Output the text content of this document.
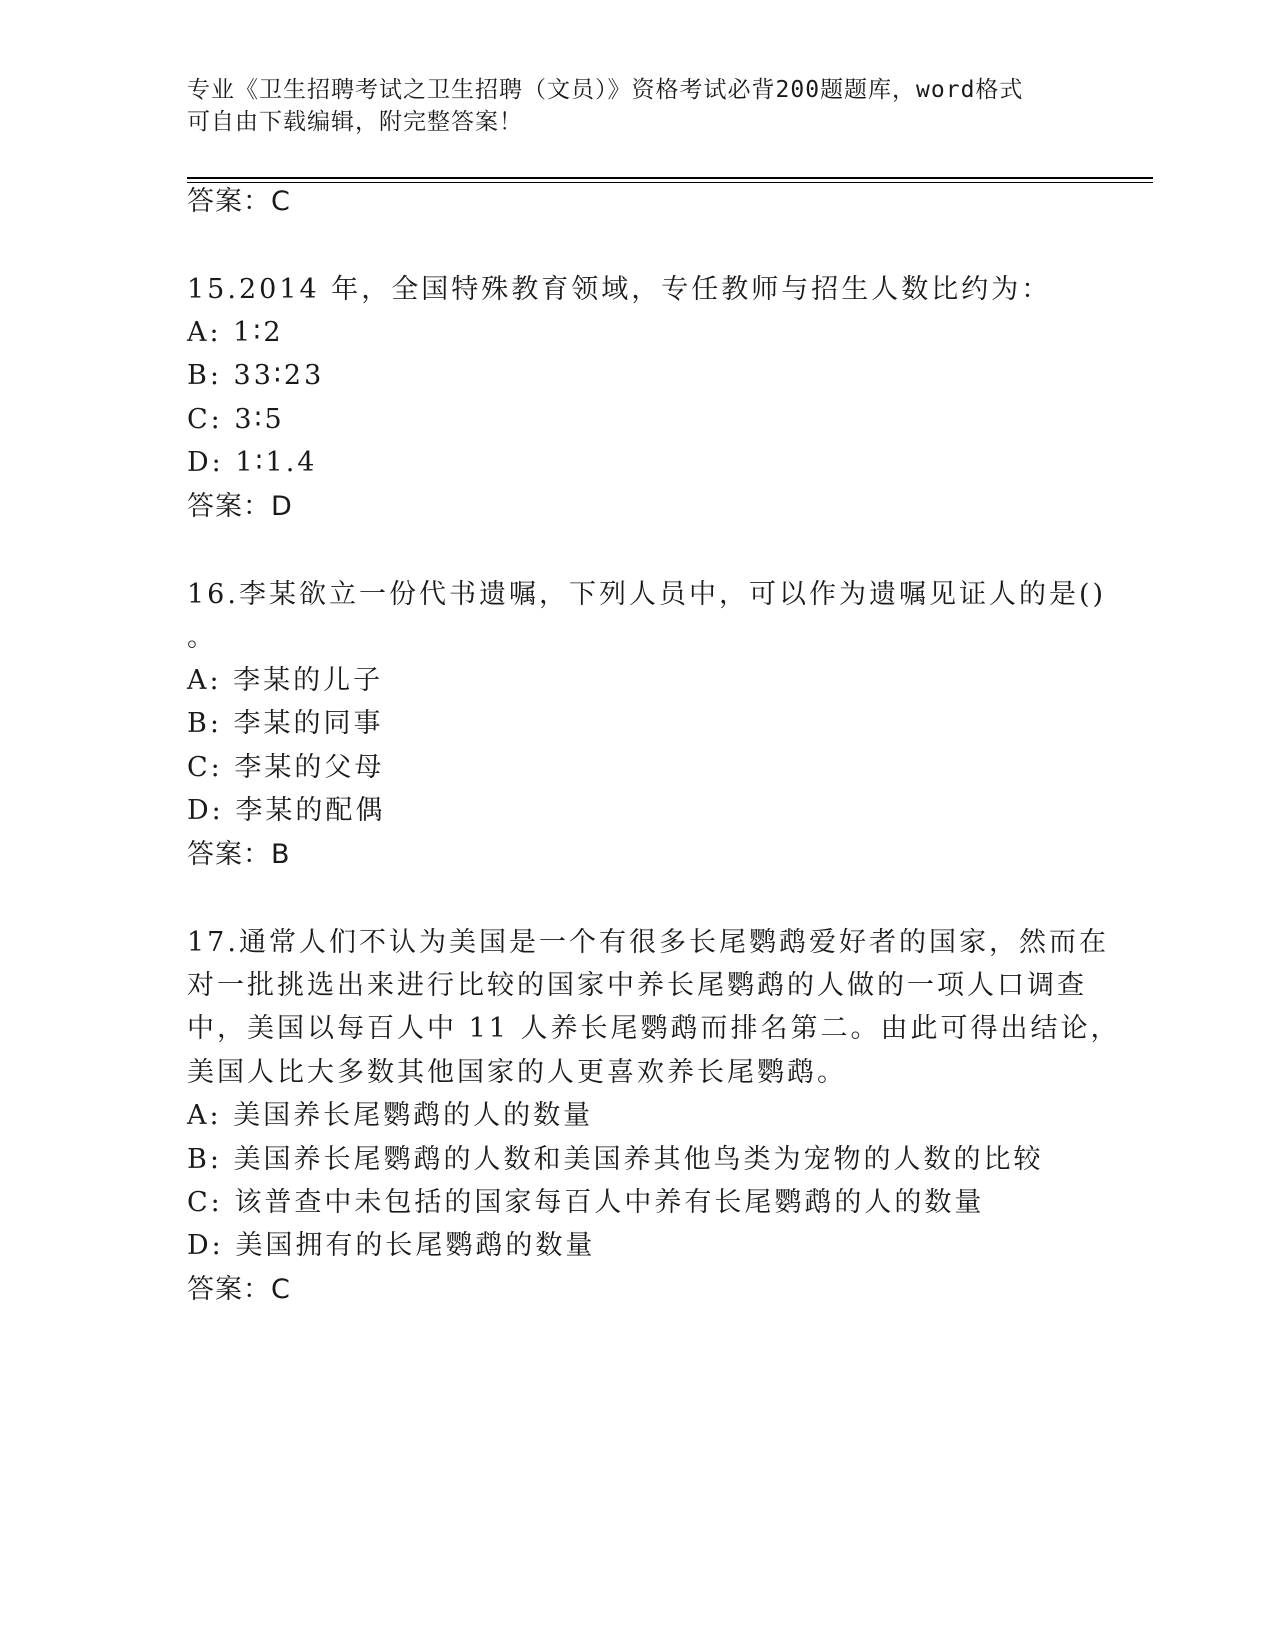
专业《卫生招聘考试之卫生招聘（文员）》资格考试必背200题题库，word格式
可自由下载编辑，附完整答案！
答案：C
15.2014 年，全国特殊教育领域，专任教师与招生人数比约为：
A: 1∶2
B: 33∶23
C: 3∶5
D: 1∶1.4
答案：D
16.李某欲立一份代书遗嘱，下列人员中，可以作为遗嘱见证人的是()
。
A: 李某的儿子
B: 李某的同事
C: 李某的父母
D: 李某的配偶
答案：B
17.通常人们不认为美国是一个有很多长尾鹦鹉爱好者的国家，然而在
对一批挑选出来进行比较的国家中养长尾鹦鹉的人做的一项人口调查
中，美国以每百人中 11 人养长尾鹦鹉而排名第二。由此可得出结论，
美国人比大多数其他国家的人更喜欢养长尾鹦鹉。
A: 美国养长尾鹦鹉的人的数量
B: 美国养长尾鹦鹉的人数和美国养其他鸟类为宠物的人数的比较
C: 该普查中未包括的国家每百人中养有长尾鹦鹉的人的数量
D: 美国拥有的长尾鹦鹉的数量
答案：C
